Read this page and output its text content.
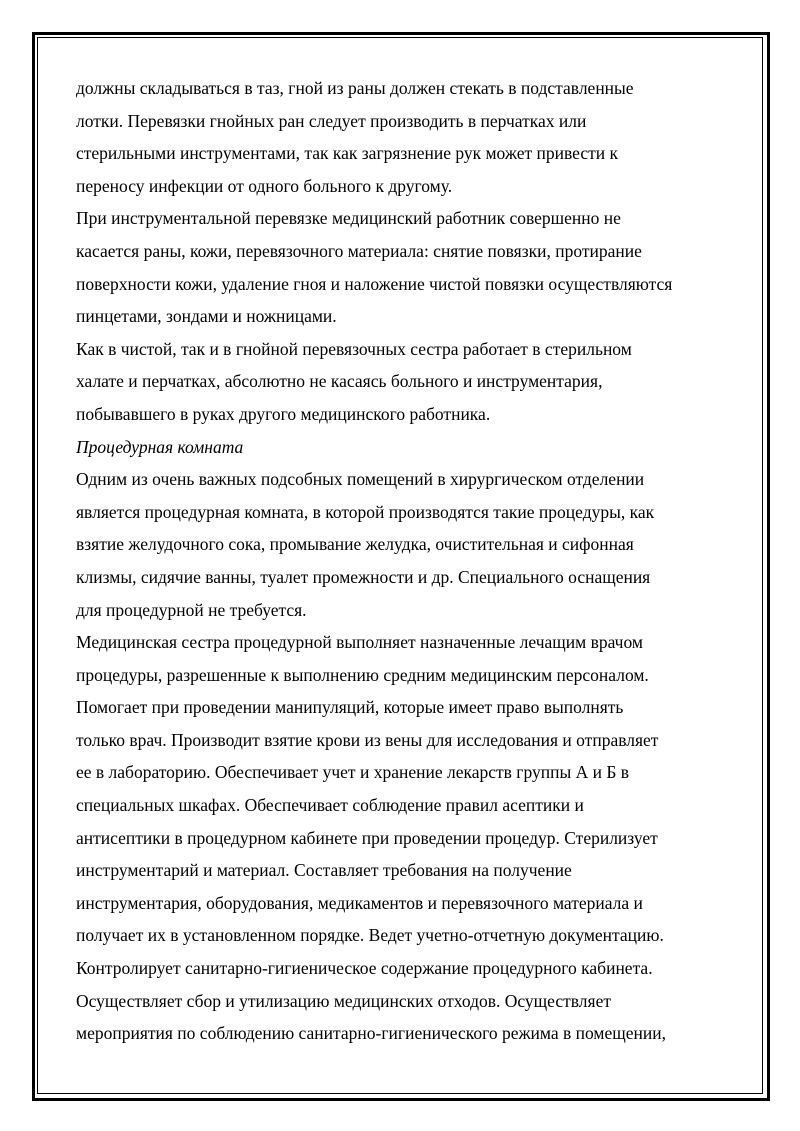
должны складываться в таз, гной из раны должен стекать в подставленные
лотки. Перевязки гнойных ран следует производить в перчатках или
стерильными инструментами, так как загрязнение рук может привести к
переносу инфекции от одного больного к другому.
При инструментальной перевязке медицинский работник совершенно не
касается раны, кожи, перевязочного материала: снятие повязки, протирание
поверхности кожи, удаление гноя и наложение чистой повязки осуществляются
пинцетами, зондами и ножницами.
Как в чистой, так и в гнойной перевязочных сестра работает в стерильном
халате и перчатках, абсолютно не касаясь больного и инструментария,
побывавшего в руках другого медицинского работника.
Процедурная комната
Одним из очень важных подсобных помещений в хирургическом отделении
является процедурная комната, в которой производятся такие процедуры, как
взятие желудочного сока, промывание желудка, очистительная и сифонная
клизмы, сидячие ванны, туалет промежности и др. Специального оснащения
для процедурной не требуется.
Медицинская сестра процедурной выполняет назначенные лечащим врачом
процедуры, разрешенные к выполнению средним медицинским персоналом.
Помогает при проведении манипуляций, которые имеет право выполнять
только врач. Производит взятие крови из вены для исследования и отправляет
ее в лабораторию. Обеспечивает учет и хранение лекарств группы А и Б в
специальных шкафах. Обеспечивает соблюдение правил асептики и
антисептики в процедурном кабинете при проведении процедур. Стерилизует
инструментарий и материал. Составляет требования на получение
инструментария, оборудования, медикаментов и перевязочного материала и
получает их в установленном порядке. Ведет учетно-отчетную документацию.
Контролирует санитарно-гигиеническое содержание процедурного кабинета.
Осуществляет сбор и утилизацию медицинских отходов. Осуществляет
мероприятия по соблюдению санитарно-гигиенического режима в помещении,
